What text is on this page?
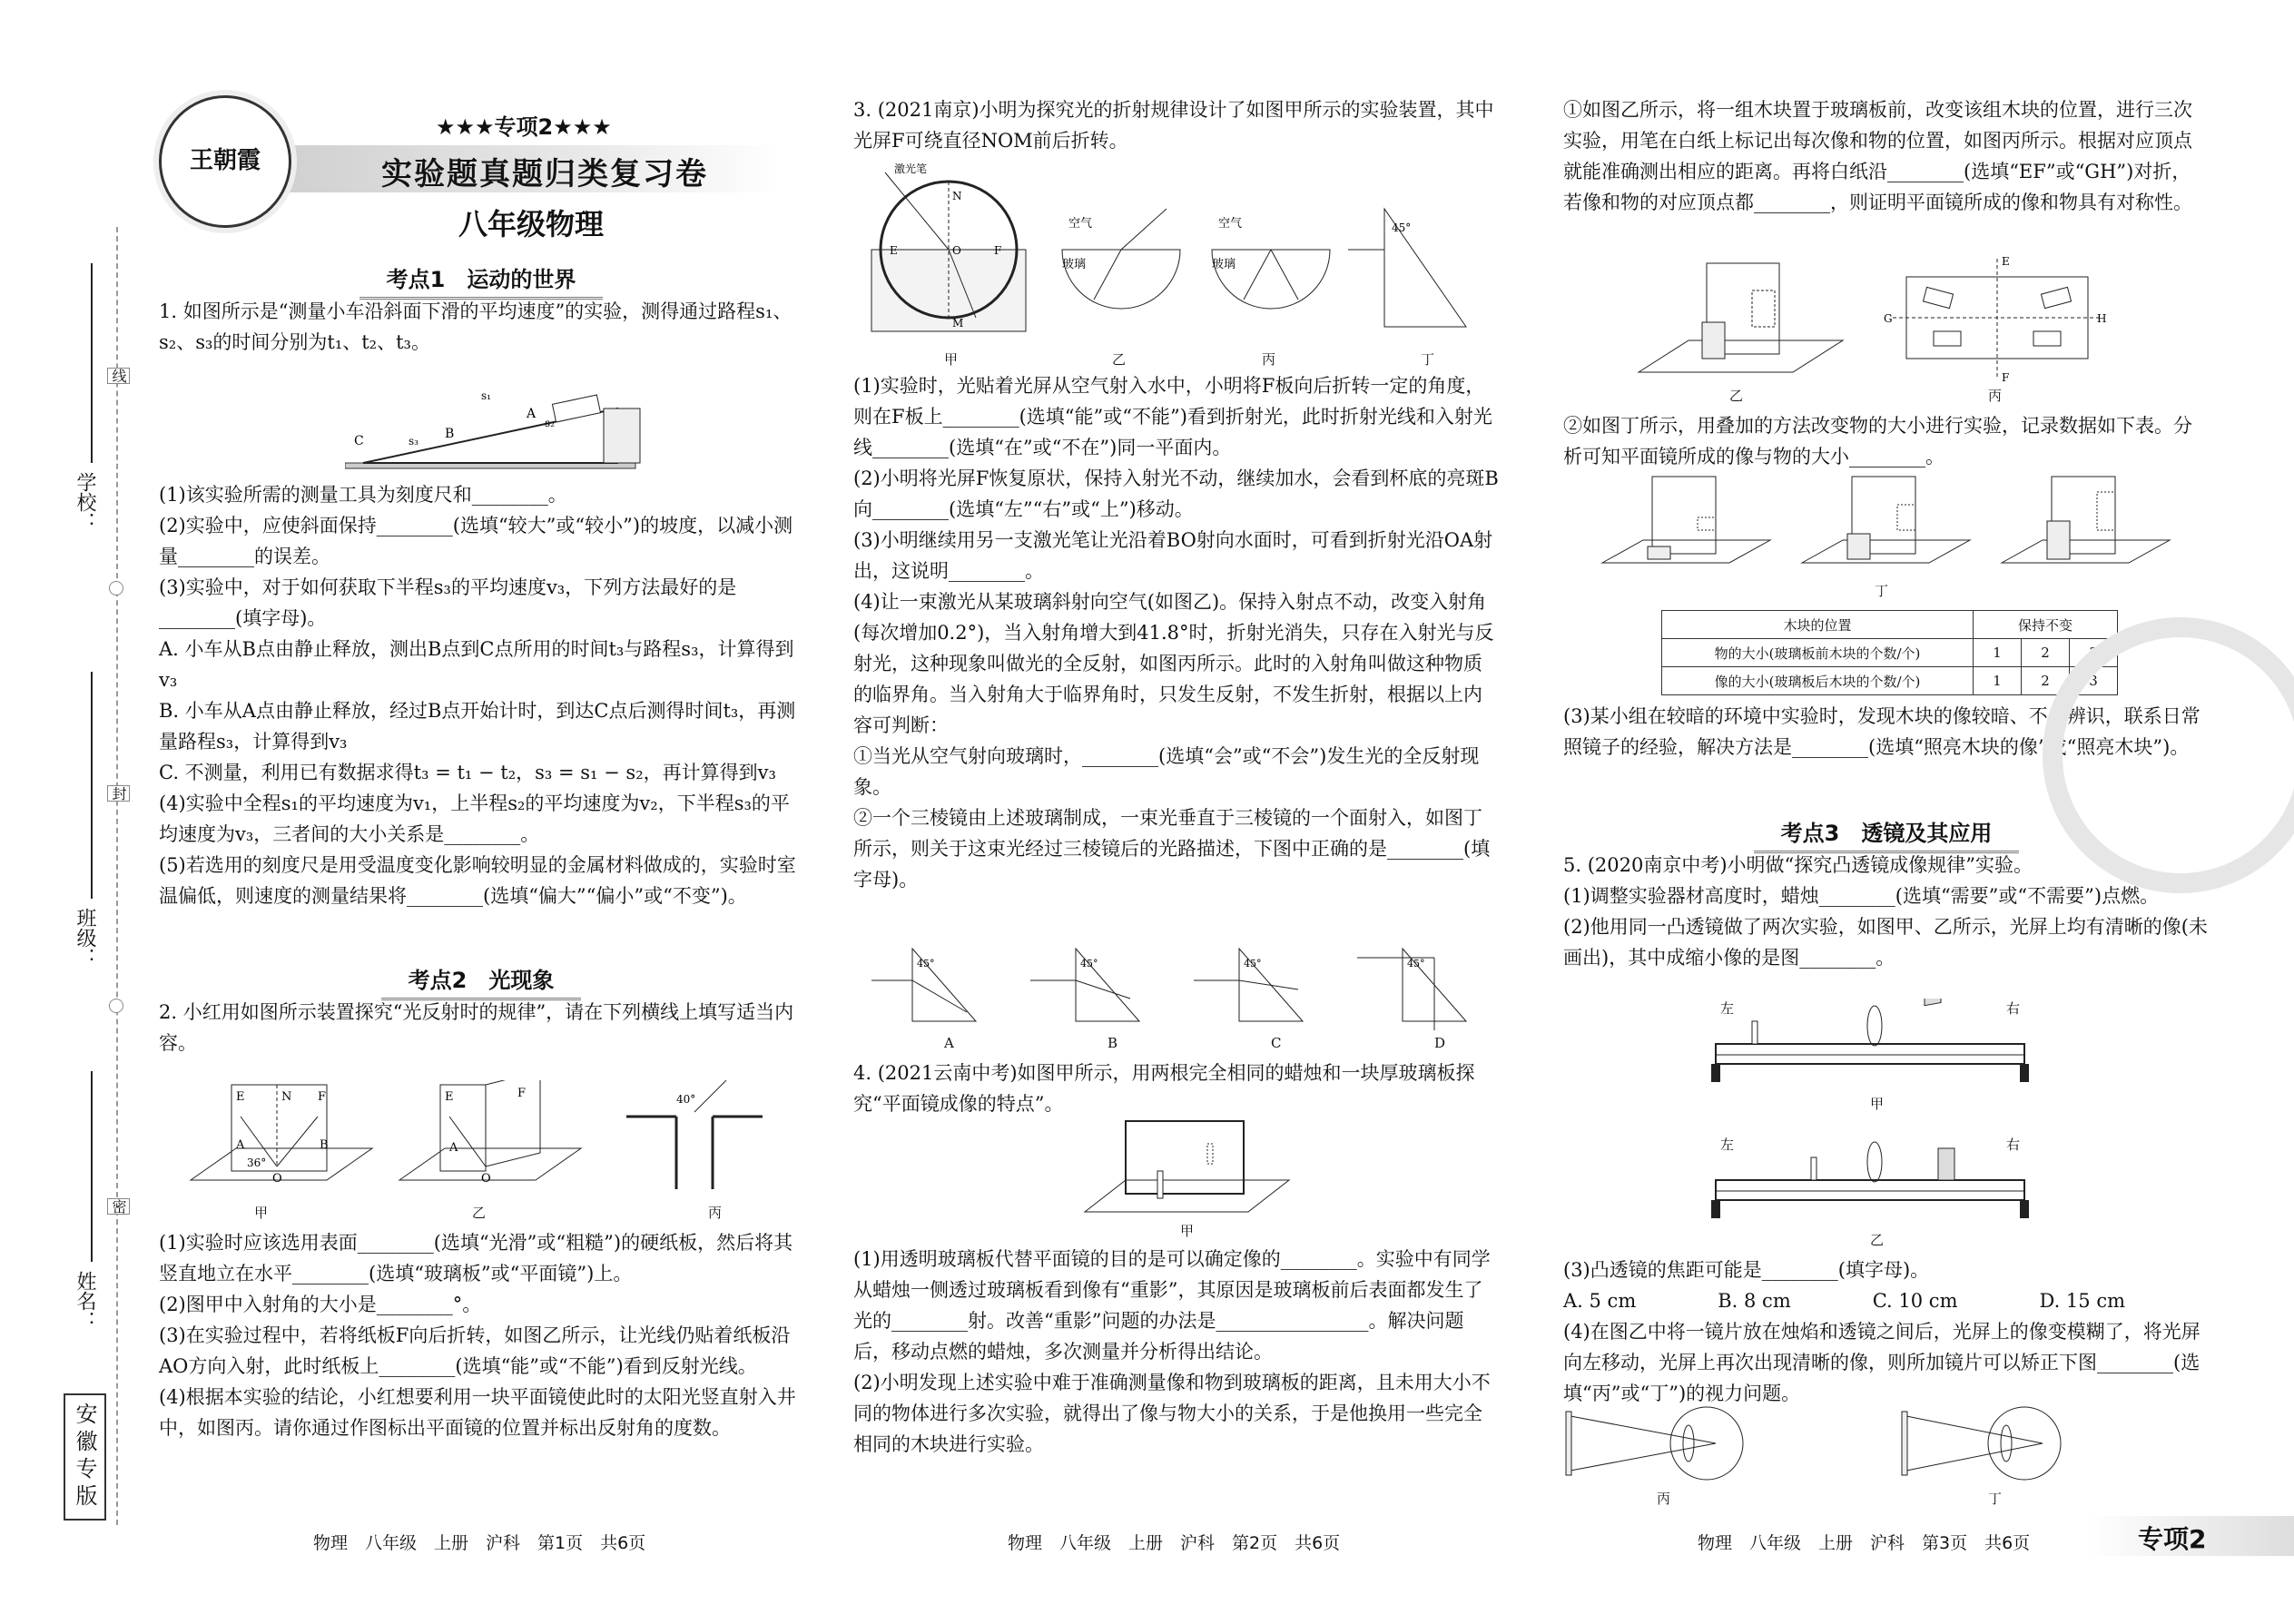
学校：
班级：
姓名：
线
封
密
安徽专版
王朝霞
★★★专项2★★★
实验题真题归类复习卷
八年级物理
考点1　运动的世界

1. 如图所示是“测量小车沿斜面下滑的平均速度”的实验，测得通过路程s₁、s₂、s₃的时间分别为t₁、t₂、t₃。

C	B
A
s₁
s₂
s₃

(1)该实验所需的测量工具为刻度尺和________。

(2)实验中，应使斜面保持________(选填“较大”或“较小”)的坡度，以减小测量________的误差。

(3)实验中，对于如何获取下半程s₃的平均速度v₃，下列方法最好的是________(填字母)。

A. 小车从B点由静止释放，测出B点到C点所用的时间t₃与路程s₃，计算得到v₃

B. 小车从A点由静止释放，经过B点开始计时，到达C点后测得时间t₃，再测量路程s₃，计算得到v₃

C. 不测量，利用已有数据求得t₃ = t₁ − t₂，s₃ = s₁ − s₂，再计算得到v₃

(4)实验中全程s₁的平均速度为v₁，上半程s₂的平均速度为v₂，下半程s₃的平均速度为v₃，三者间的大小关系是________。

(5)若选用的刻度尺是用受温度变化影响较明显的金属材料做成的，实验时室温偏低，则速度的测量结果将________(选填“偏大”“偏小”或“不变”)。

考点2　光现象

2. 小红用如图所示装置探究“光反射时的规律”，请在下列横线上填写适当内容。

E	N F
A	B
O
36°
E	F
A
O
40°
甲	乙	丙

(1)实验时应该选用表面________(选填“光滑”或“粗糙”)的硬纸板，然后将其竖直地立在水平________(选填“玻璃板”或“平面镜”)上。

(2)图甲中入射角的大小是________°。

(3)在实验过程中，若将纸板F向后折转，如图乙所示，让光线仍贴着纸板沿AO方向入射，此时纸板上________(选填“能”或“不能”)看到反射光线。

(4)根据本实验的结论，小红想要利用一块平面镜使此时的太阳光竖直射入井中，如图丙。请你通过作图标出平面镜的位置并标出反射角的度数。

3. (2021南京)小明为探究光的折射规律设计了如图甲所示的实验装置，其中光屏F可绕直径NOM前后折转。

激光笔
E	F
N
O
M
空气
玻璃
空气
玻璃
45°
甲	乙	丙	丁

(1)实验时，光贴着光屏从空气射入水中，小明将F板向后折转一定的角度，则在F板上________(选填“能”或“不能”)看到折射光，此时折射光线和入射光线________(选填“在”或“不在”)同一平面内。

(2)小明将光屏F恢复原状，保持入射光不动，继续加水，会看到杯底的亮斑B向________(选填“左”“右”或“上”)移动。

(3)小明继续用另一支激光笔让光沿着BO射向水面时，可看到折射光沿OA射出，这说明________。

(4)让一束激光从某玻璃斜射向空气(如图乙)。保持入射点不动，改变入射角(每次增加0.2°)，当入射角增大到41.8°时，折射光消失，只存在入射光与反射光，这种现象叫做光的全反射，如图丙所示。此时的入射角叫做这种物质的临界角。当入射角大于临界角时，只发生反射，不发生折射，根据以上内容可判断：

①当光从空气射向玻璃时，________(选填“会”或“不会”)发生光的全反射现象。

②一个三棱镜由上述玻璃制成，一束光垂直于三棱镜的一个面射入，如图丁所示，则关于这束光经过三棱镜后的光路描述，下图中正确的是________(填字母)。

45°	45°	45°	45°
A	B	C	D

4. (2021云南中考)如图甲所示，用两根完全相同的蜡烛和一块厚玻璃板探究“平面镜成像的特点”。

甲

(1)用透明玻璃板代替平面镜的目的是可以确定像的________。实验中有同学从蜡烛一侧透过玻璃板看到像有“重影”，其原因是玻璃板前后表面都发生了光的________射。改善“重影”问题的办法是________________。解决问题后，移动点燃的蜡烛，多次测量并分析得出结论。

(2)小明发现上述实验中难于准确测量像和物到玻璃板的距离，且未用大小不同的物体进行多次实验，就得出了像与物大小的关系，于是他换用一些完全相同的木块进行实验。

①如图乙所示，将一组木块置于玻璃板前，改变该组木块的位置，进行三次实验，用笔在白纸上标记出每次像和物的位置，如图丙所示。根据对应顶点就能准确测出相应的距离。再将白纸沿________(选填“EF”或“GH”)对折，若像和物的对应顶点都________，则证明平面镜所成的像和物具有对称性。

E
F
G	H
乙	丙

②如图丁所示，用叠加的方法改变物的大小进行实验，记录数据如下表。分析可知平面镜所成的像与物的大小________。

丁
木块的位置	保持不变		
物的大小(玻璃板前木块的个数/个)	1	2	3
像的大小(玻璃板后木块的个数/个)	1	2	3

(3)某小组在较暗的环境中实验时，发现木块的像较暗、不易辨识，联系日常照镜子的经验，解决方法是________(选填“照亮木块的像”或“照亮木块”)。

考点3　透镜及其应用

5. (2020南京中考)小明做“探究凸透镜成像规律”实验。

(1)调整实验器材高度时，蜡烛________(选填“需要”或“不需要”)点燃。

(2)他用同一凸透镜做了两次实验，如图甲、乙所示，光屏上均有清晰的像(未画出)，其中成缩小像的是图________。

左	右
甲
左	右
乙

(3)凸透镜的焦距可能是________(填字母)。

A. 5 cm	B. 8 cm	C. 10 cm	D. 15 cm

(4)在图乙中将一镜片放在烛焰和透镜之间后，光屏上的像变模糊了，将光屏向左移动，光屏上再次出现清晰的像，则所加镜片可以矫正下图________(选填“丙”或“丁”)的视力问题。

丙	丁
物理　八年级　上册　沪科　第1页　共6页	物理　八年级　上册　沪科　第2页　共6页	物理　八年级　上册　沪科　第3页　共6页	专项2
